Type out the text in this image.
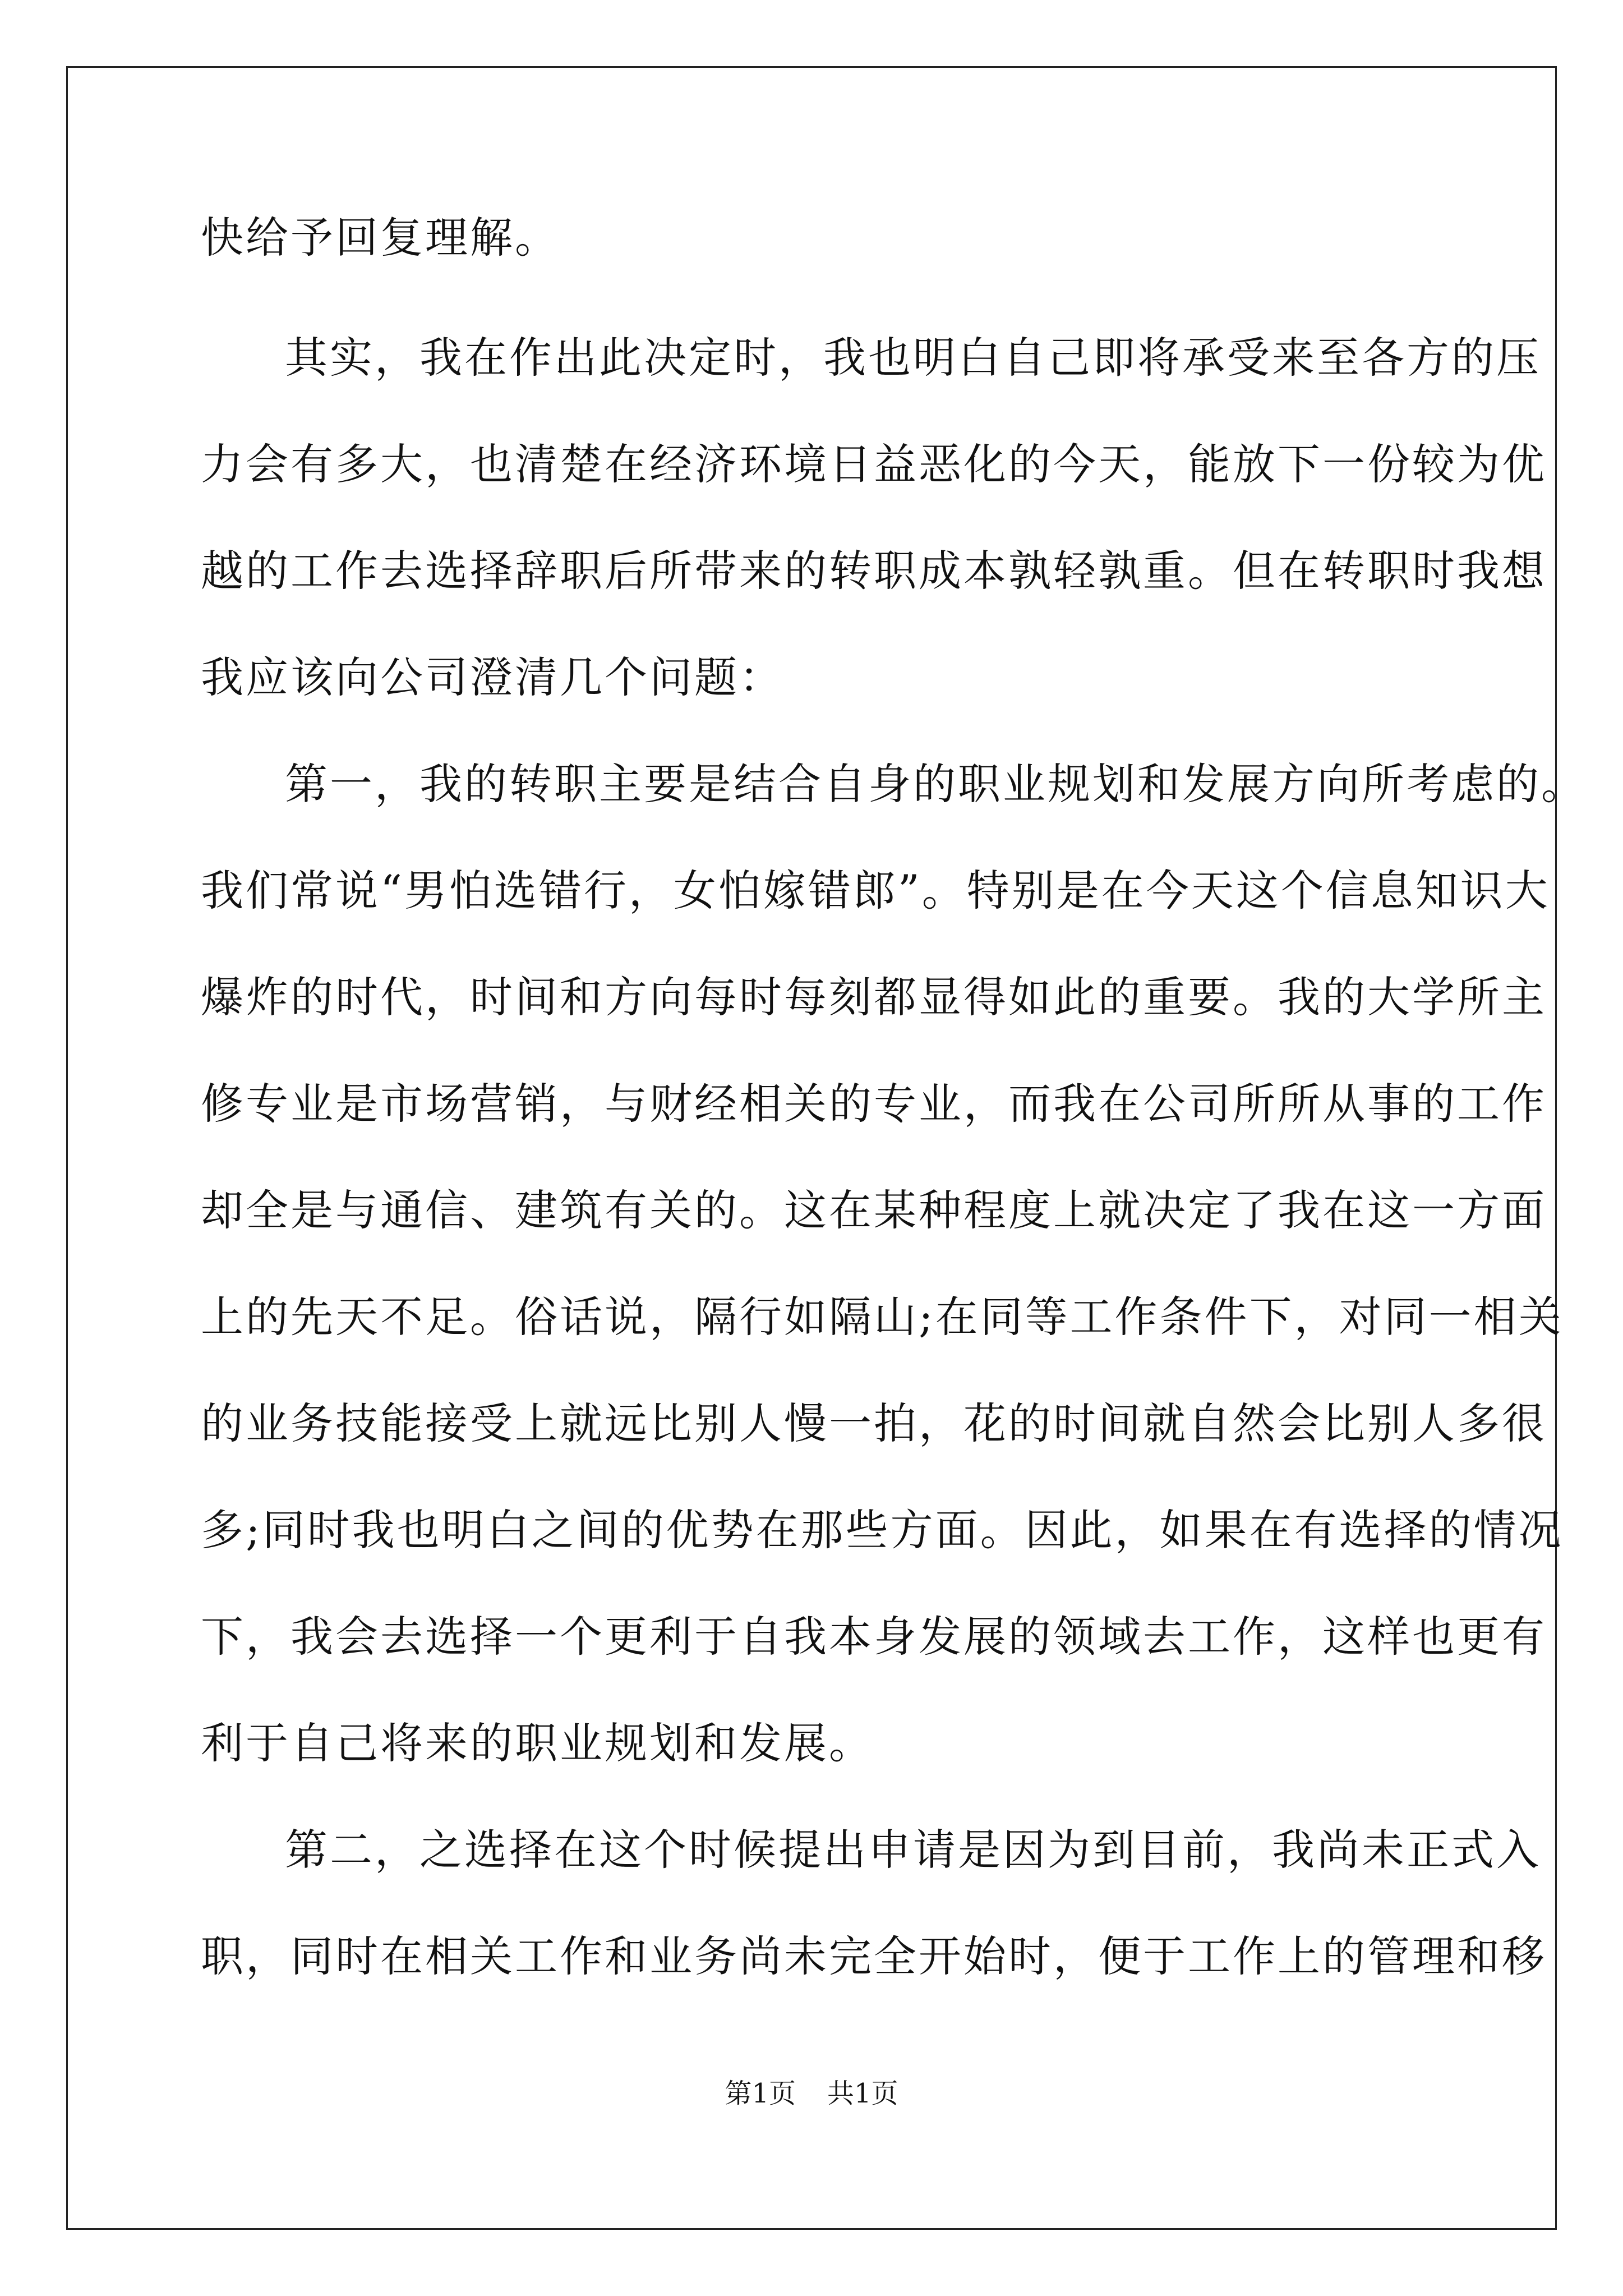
快给予回复理解。

其实，我在作出此决定时，我也明白自己即将承受来至各方的压

力会有多大，也清楚在经济环境日益恶化的今天，能放下一份较为优

越的工作去选择辞职后所带来的转职成本孰轻孰重。但在转职时我想

我应该向公司澄清几个问题：

第一，我的转职主要是结合自身的职业规划和发展方向所考虑的。

我们常说“男怕选错行，女怕嫁错郎”。特别是在今天这个信息知识大

爆炸的时代，时间和方向每时每刻都显得如此的重要。我的大学所主

修专业是市场营销，与财经相关的专业，而我在公司所所从事的工作

却全是与通信、建筑有关的。这在某种程度上就决定了我在这一方面

上的先天不足。俗话说，隔行如隔山;在同等工作条件下，对同一相关

的业务技能接受上就远比别人慢一拍，花的时间就自然会比别人多很

多;同时我也明白之间的优势在那些方面。因此，如果在有选择的情况

下，我会去选择一个更利于自我本身发展的领域去工作，这样也更有

利于自己将来的职业规划和发展。

第二，之选择在这个时候提出申请是因为到目前，我尚未正式入

职，同时在相关工作和业务尚未完全开始时，便于工作上的管理和移

第1页 共1页
